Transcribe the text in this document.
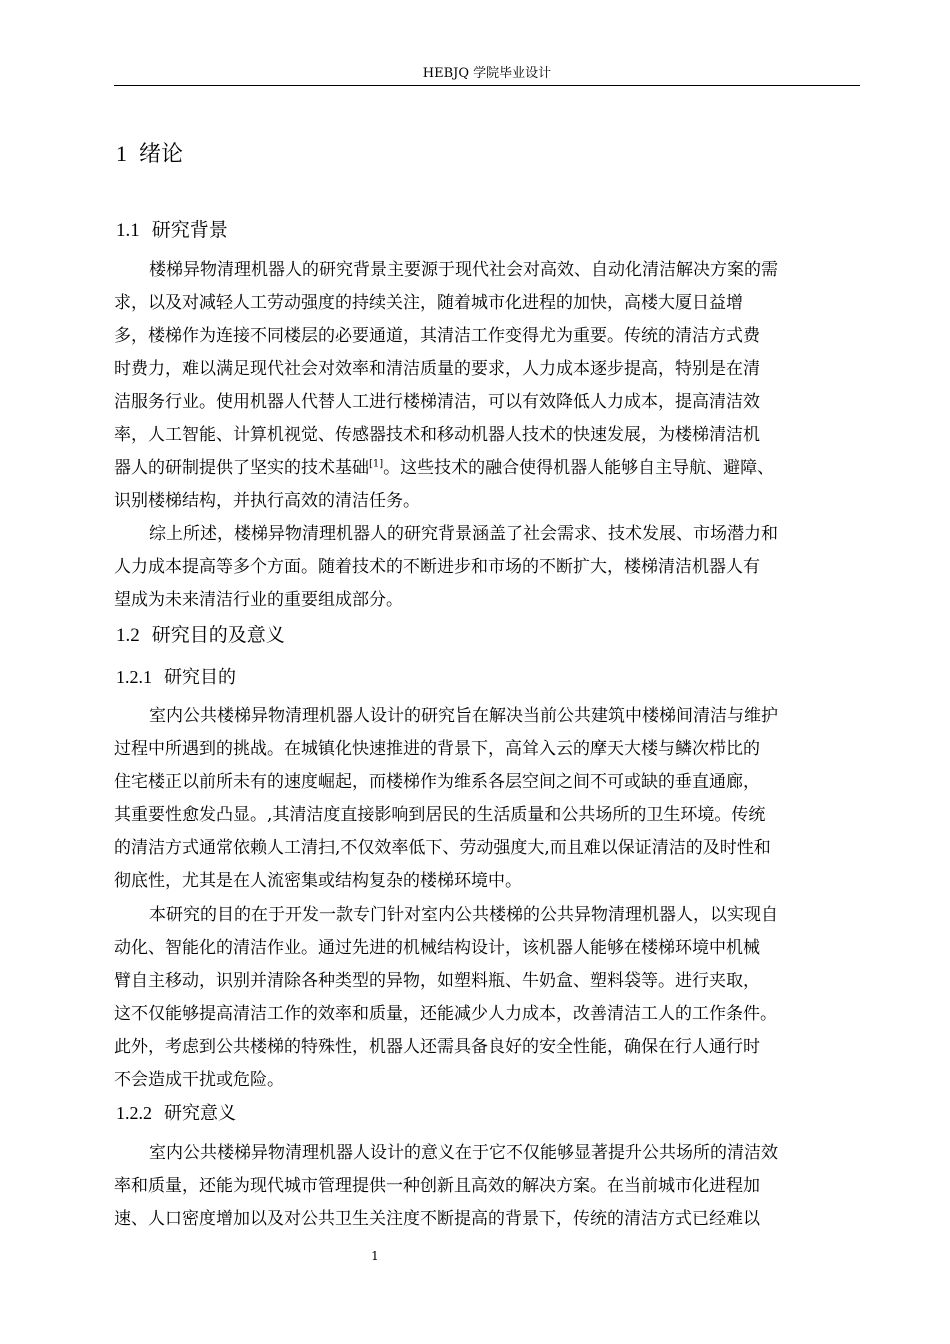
HEBJQ 学院毕业设计
1 绪论
1.1 研究背景
楼梯异物清理机器人的研究背景主要源于现代社会对高效、自动化清洁解决方案的需
求，以及对减轻人工劳动强度的持续关注，随着城市化进程的加快，高楼大厦日益增
多，楼梯作为连接不同楼层的必要通道，其清洁工作变得尤为重要。传统的清洁方式费
时费力，难以满足现代社会对效率和清洁质量的要求，人力成本逐步提高，特别是在清
洁服务行业。使用机器人代替人工进行楼梯清洁，可以有效降低人力成本，提高清洁效
率，人工智能、计算机视觉、传感器技术和移动机器人技术的快速发展，为楼梯清洁机
器人的研制提供了坚实的技术基础[1]。这些技术的融合使得机器人能够自主导航、避障、
识别楼梯结构，并执行高效的清洁任务。
综上所述，楼梯异物清理机器人的研究背景涵盖了社会需求、技术发展、市场潜力和
人力成本提高等多个方面。随着技术的不断进步和市场的不断扩大，楼梯清洁机器人有
望成为未来清洁行业的重要组成部分。
1.2 研究目的及意义
1.2.1 研究目的
室内公共楼梯异物清理机器人设计的研究旨在解决当前公共建筑中楼梯间清洁与维护
过程中所遇到的挑战。在城镇化快速推进的背景下，高耸入云的摩天大楼与鳞次栉比的
住宅楼正以前所未有的速度崛起，而楼梯作为维系各层空间之间不可或缺的垂直通廊，
其重要性愈发凸显。,其清洁度直接影响到居民的生活质量和公共场所的卫生环境。传统
的清洁方式通常依赖人工清扫,不仅效率低下、劳动强度大,而且难以保证清洁的及时性和
彻底性，尤其是在人流密集或结构复杂的楼梯环境中。
本研究的目的在于开发一款专门针对室内公共楼梯的公共异物清理机器人，以实现自
动化、智能化的清洁作业。通过先进的机械结构设计，该机器人能够在楼梯环境中机械
臂自主移动，识别并清除各种类型的异物，如塑料瓶、牛奶盒、塑料袋等。进行夹取，
这不仅能够提高清洁工作的效率和质量，还能减少人力成本，改善清洁工人的工作条件。
此外，考虑到公共楼梯的特殊性，机器人还需具备良好的安全性能，确保在行人通行时
不会造成干扰或危险。
1.2.2 研究意义
室内公共楼梯异物清理机器人设计的意义在于它不仅能够显著提升公共场所的清洁效
率和质量，还能为现代城市管理提供一种创新且高效的解决方案。在当前城市化进程加
速、人口密度增加以及对公共卫生关注度不断提高的背景下，传统的清洁方式已经难以
1
